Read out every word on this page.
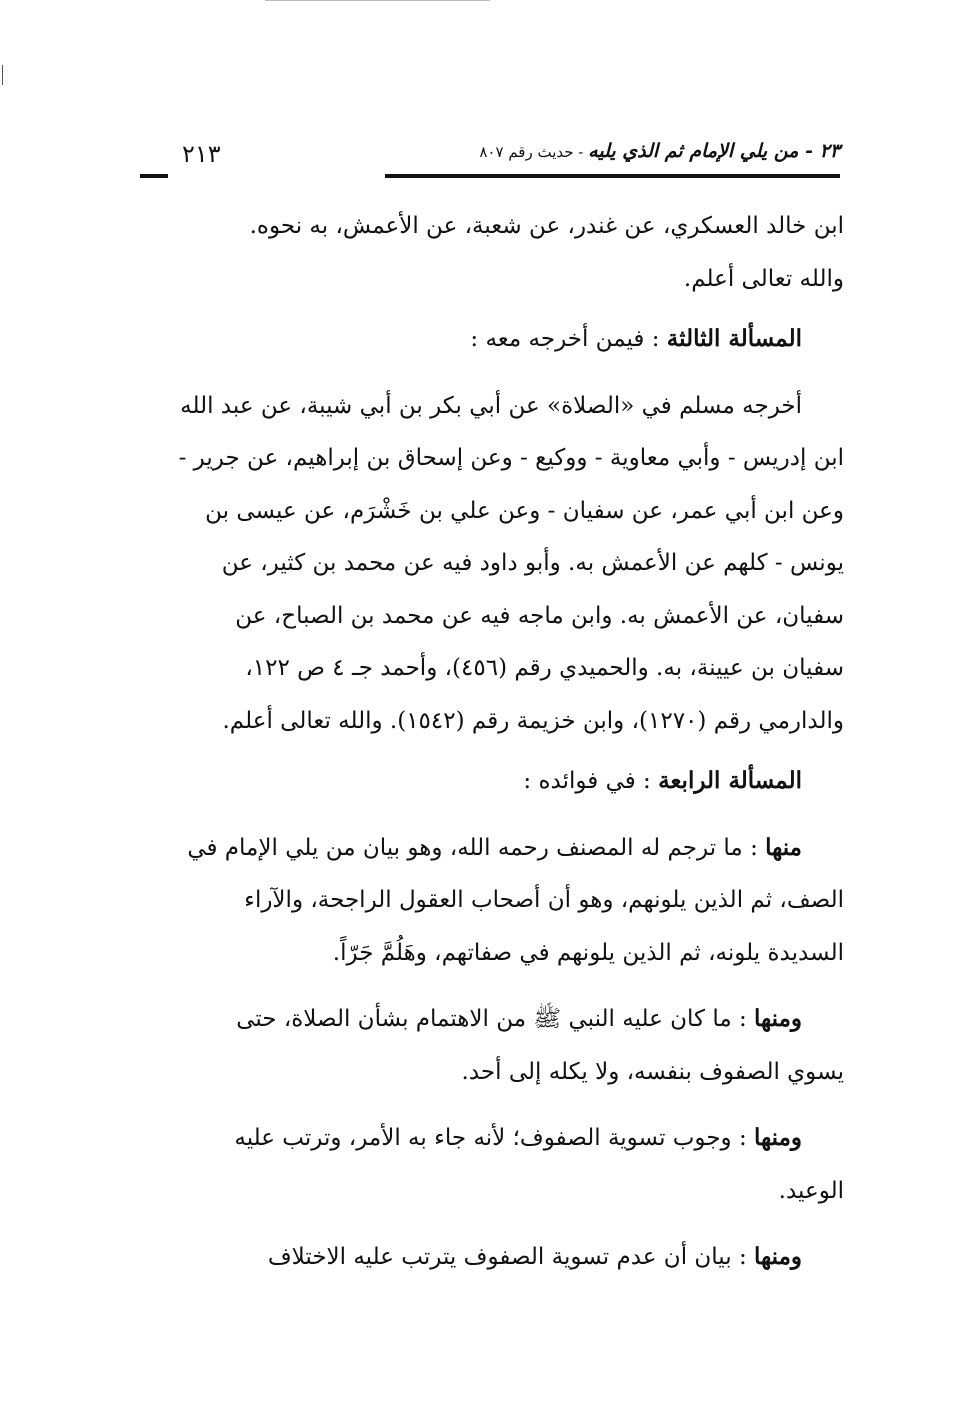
٢٣ - من يلي الإمام ثم الذي يليه - حديث رقم ٨٠٧
٢١٣
ابن خالد العسكري، عن غندر، عن شعبة، عن الأعمش، به نحوه.
والله تعالى أعلم.
المسألة الثالثة : فيمن أخرجه معه :
أخرجه مسلم في «الصلاة» عن أبي بكر بن أبي شيبة، عن عبد الله
ابن إدريس - وأبي معاوية - ووكيع - وعن إسحاق بن إبراهيم، عن جرير -
وعن ابن أبي عمر، عن سفيان - وعن علي بن خَشْرَم، عن عيسى بن
يونس - كلهم عن الأعمش به. وأبو داود فيه عن محمد بن كثير، عن
سفيان، عن الأعمش به. وابن ماجه فيه عن محمد بن الصباح، عن
سفيان بن عيينة، به. والحميدي رقم (٤٥٦)، وأحمد جـ ٤ ص ١٢٢،
والدارمي رقم (١٢٧٠)، وابن خزيمة رقم (١٥٤٢). والله تعالى أعلم.
المسألة الرابعة : في فوائده :
منها : ما ترجم له المصنف رحمه الله، وهو بيان من يلي الإمام في
الصف، ثم الذين يلونهم، وهو أن أصحاب العقول الراجحة، والآراء
السديدة يلونه، ثم الذين يلونهم في صفاتهم، وهَلُمَّ جَرّاً.
ومنها : ما كان عليه النبي ﷺ من الاهتمام بشأن الصلاة، حتى
يسوي الصفوف بنفسه، ولا يكله إلى أحد.
ومنها : وجوب تسوية الصفوف؛ لأنه جاء به الأمر، وترتب عليه
الوعيد.
ومنها : بيان أن عدم تسوية الصفوف يترتب عليه الاختلاف
